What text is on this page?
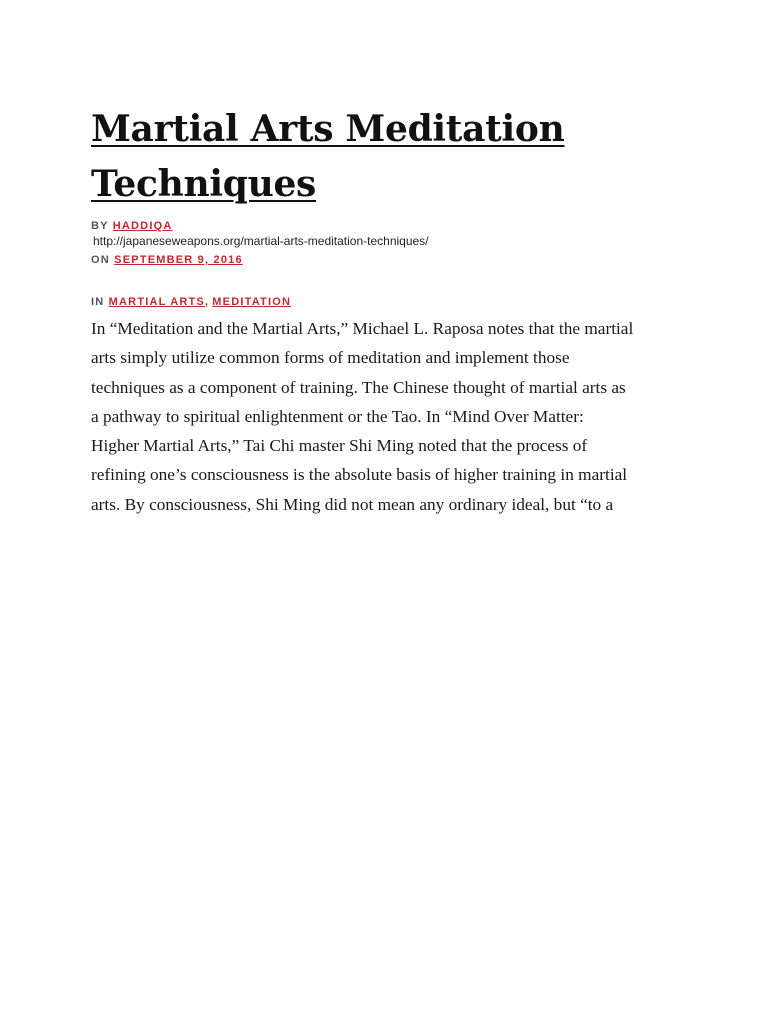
Martial Arts Meditation
Techniques
BY HADDIQA
http://japaneseweapons.org/martial-arts-meditation-techniques/
ON SEPTEMBER 9, 2016
IN MARTIAL ARTS, MEDITATION

In “Meditation and the Martial Arts,” Michael L. Raposa notes that the martial
arts simply utilize common forms of meditation and implement those
techniques as a component of training. The Chinese thought of martial arts as
a pathway to spiritual enlightenment or the Tao. In “Mind Over Matter:
Higher Martial Arts,” Tai Chi master Shi Ming noted that the process of
refining one’s consciousness is the absolute basis of higher training in martial
arts. By consciousness, Shi Ming did not mean any ordinary ideal, but “to a
